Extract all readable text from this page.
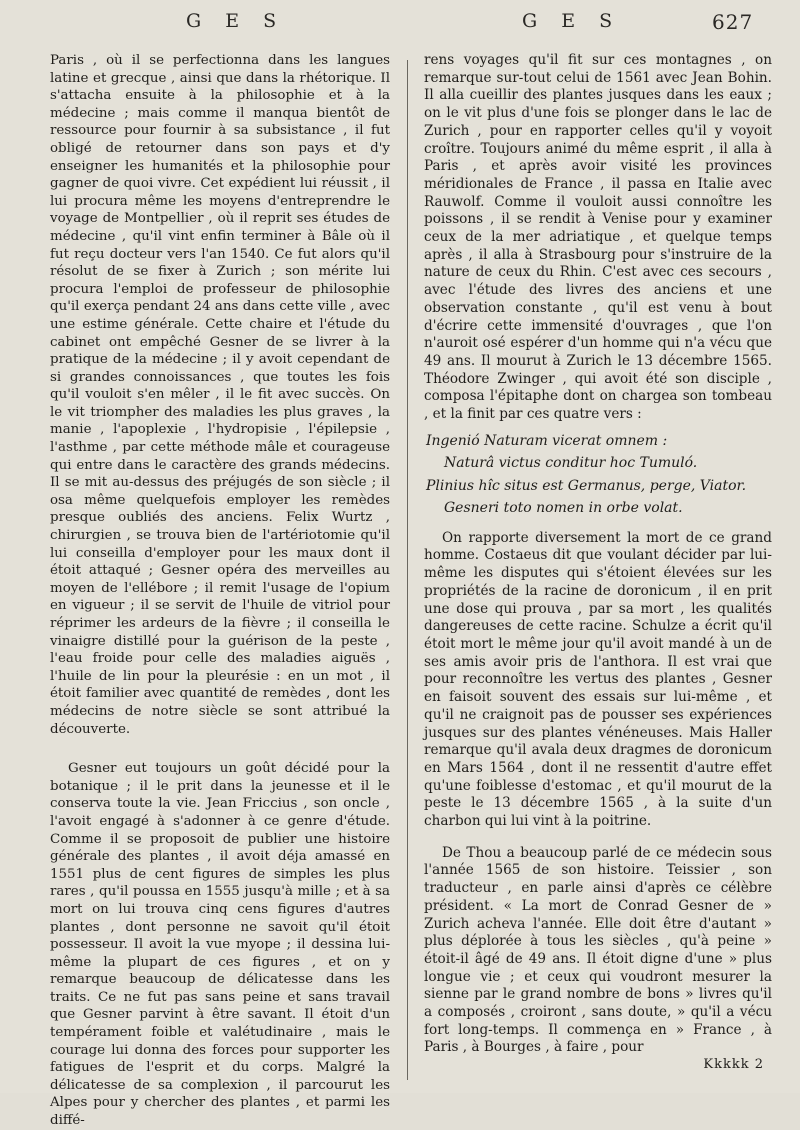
G E S	G E S	627

Paris , où il se perfectionna dans les langues latine et grecque , ainsi que dans la rhétorique. Il s'attacha ensuite à la philosophie et à la médecine ; mais comme il manqua bientôt de ressource pour fournir à sa subsistance , il fut obligé de retourner dans son pays et d'y enseigner les humanités et la philosophie pour gagner de quoi vivre. Cet expédient lui réussit , il lui procura même les moyens d'entreprendre le voyage de Montpellier , où il reprit ses études de médecine , qu'il vint enfin terminer à Bâle où il fut reçu docteur vers l'an 1540. Ce fut alors qu'il résolut de se fixer à Zurich ; son mérite lui procura l'emploi de professeur de philosophie qu'il exerça pendant 24 ans dans cette ville , avec une estime générale. Cette chaire et l'étude du cabinet ont empêché Gesner de se livrer à la pratique de la médecine ; il y avoit cependant de si grandes connoissances , que toutes les fois qu'il vouloit s'en mêler , il le fit avec succès. On le vit triompher des maladies les plus graves , la manie , l'apoplexie , l'hydropisie , l'épilepsie , l'asthme , par cette méthode mâle et courageuse qui entre dans le caractère des grands médecins. Il se mit au-dessus des préjugés de son siècle ; il osa même quelquefois employer les remèdes presque oubliés des anciens. Felix Wurtz , chirurgien , se trouva bien de l'artériotomie qu'il lui conseilla d'employer pour les maux dont il étoit attaqué ; Gesner opéra des merveilles au moyen de l'ellébore ; il remit l'usage de l'opium en vigueur ; il se servit de l'huile de vitriol pour réprimer les ardeurs de la fièvre ; il conseilla le vinaigre distillé pour la guérison de la peste , l'eau froide pour celle des maladies aiguës , l'huile de lin pour la pleurésie : en un mot , il étoit familier avec quantité de remèdes , dont les médecins de notre siècle se sont attribué la découverte.

Gesner eut toujours un goût décidé pour la botanique ; il le prit dans la jeunesse et il le conserva toute la vie. Jean Friccius , son oncle , l'avoit engagé à s'adonner à ce genre d'étude. Comme il se proposoit de publier une histoire générale des plantes , il avoit déja amassé en 1551 plus de cent figures de simples les plus rares , qu'il poussa en 1555 jusqu'à mille ; et à sa mort on lui trouva cinq cens figures d'autres plantes , dont personne ne savoit qu'il étoit possesseur. Il avoit la vue myope ; il dessina lui-même la plupart de ces figures , et on y remarque beaucoup de délicatesse dans les traits. Ce ne fut pas sans peine et sans travail que Gesner parvint à être savant. Il étoit d'un tempérament foible et valétudinaire , mais le courage lui donna des forces pour supporter les fatigues de l'esprit et du corps. Malgré la délicatesse de sa complexion , il parcourut les Alpes pour y chercher des plantes , et parmi les diffé-

rens voyages qu'il fit sur ces montagnes , on remarque sur-tout celui de 1561 avec Jean Bohin. Il alla cueillir des plantes jusques dans les eaux ; on le vit plus d'une fois se plonger dans le lac de Zurich , pour en rapporter celles qu'il y voyoit croître. Toujours animé du même esprit , il alla à Paris , et après avoir visité les provinces méridionales de France , il passa en Italie avec Rauwolf. Comme il vouloit aussi connoître les poissons , il se rendit à Venise pour y examiner ceux de la mer adriatique , et quelque temps après , il alla à Strasbourg pour s'instruire de la nature de ceux du Rhin. C'est avec ces secours , avec l'étude des livres des anciens et une observation constante , qu'il est venu à bout d'écrire cette immensité d'ouvrages , que l'on n'auroit osé espérer d'un homme qui n'a vécu que 49 ans. Il mourut à Zurich le 13 décembre 1565. Théodore Zwinger , qui avoit été son disciple , composa l'épitaphe dont on chargea son tombeau , et la finit par ces quatre vers :

Ingenió Naturam vicerat omnem :
Naturâ victus conditur hoc Tumuló.
Plinius hîc situs est Germanus, perge, Viator.
Gesneri toto nomen in orbe volat.

On rapporte diversement la mort de ce grand homme. Costaeus dit que voulant décider par lui-même les disputes qui s'étoient élevées sur les propriétés de la racine de doronicum , il en prit une dose qui prouva , par sa mort , les qualités dangereuses de cette racine. Schulze a écrit qu'il étoit mort le même jour qu'il avoit mandé à un de ses amis avoir pris de l'anthora. Il est vrai que pour reconnoître les vertus des plantes , Gesner en faisoit souvent des essais sur lui-même , et qu'il ne craignoit pas de pousser ses expériences jusques sur des plantes vénéneuses. Mais Haller remarque qu'il avala deux dragmes de doronicum en Mars 1564 , dont il ne ressentit d'autre effet qu'une foiblesse d'estomac , et qu'il mourut de la peste le 13 décembre 1565 , à la suite d'un charbon qui lui vint à la poitrine.

De Thou a beaucoup parlé de ce médecin sous l'année 1565 de son histoire. Teissier , son traducteur , en parle ainsi d'après ce célèbre président. « La mort de Conrad Gesner de » Zurich acheva l'année. Elle doit être d'autant » plus déplorée à tous les siècles , qu'à peine » étoit-il âgé de 49 ans. Il étoit digne d'une » plus longue vie ; et ceux qui voudront mesurer la sienne par le grand nombre de bons » livres qu'il a composés , croiront , sans doute, » qu'il a vécu fort long-temps. Il commença en » France , à Paris , à Bourges , à faire , pour

Kkkkk 2
